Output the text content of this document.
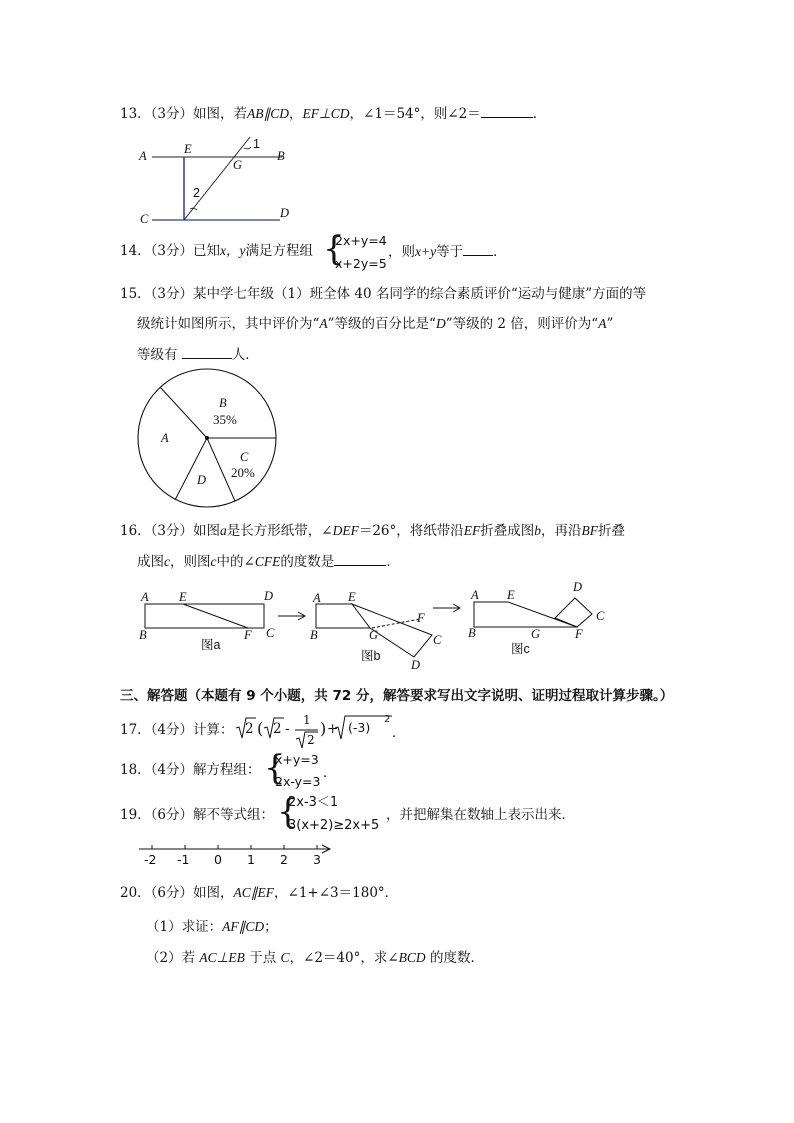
13．（3分）如图，若AB∥CD，EF⊥CD，∠1＝54°，则∠2＝	．
A	E	1
B
G
2
C	D
14．（3分）已知x，y满足方程组 {
2x+y=4
x+2y=5
，则x+y等于 ．
15．（3分）某中学七年级（1）班全体 40 名同学的综合素质评价“运动与健康”方面的等
级统计如图所示，其中评价为“A”等级的百分比是“D”等级的 2 倍，则评价为“A”
等级有	人．
B
35%
A
C
20%
D
16．（3分）如图a是长方形纸带，∠DEF＝26°，将纸带沿EF折叠成图b，再沿BF折叠
成图c，则图c中的∠CFE的度数是	．
A E	D
B	F C
图a
A E
F
B	G	C
D
图b
A E
D
C
B	G	F
图c
三、解答题（本题有 9 个小题，共 72 分，解答要求写出文字说明、证明过程取计算步骤。）
17．（4分）计算： 2 ( 2 -
1
2
) + (-3)
2
．
18．（4分）解方程组： {
x+y=3
2x-y=3
．
19．（6分）解不等式组： {
2x-3＜1
3(x+2)≥2x+5
，并把解集在数轴上表示出来．
-2 -1 0 1 2 3
20．（6分）如图，AC∥EF，∠1+∠3＝180°．
（1）求证：AF∥CD；
（2）若 AC⊥EB 于点 C，∠2＝40°，求∠BCD 的度数．
